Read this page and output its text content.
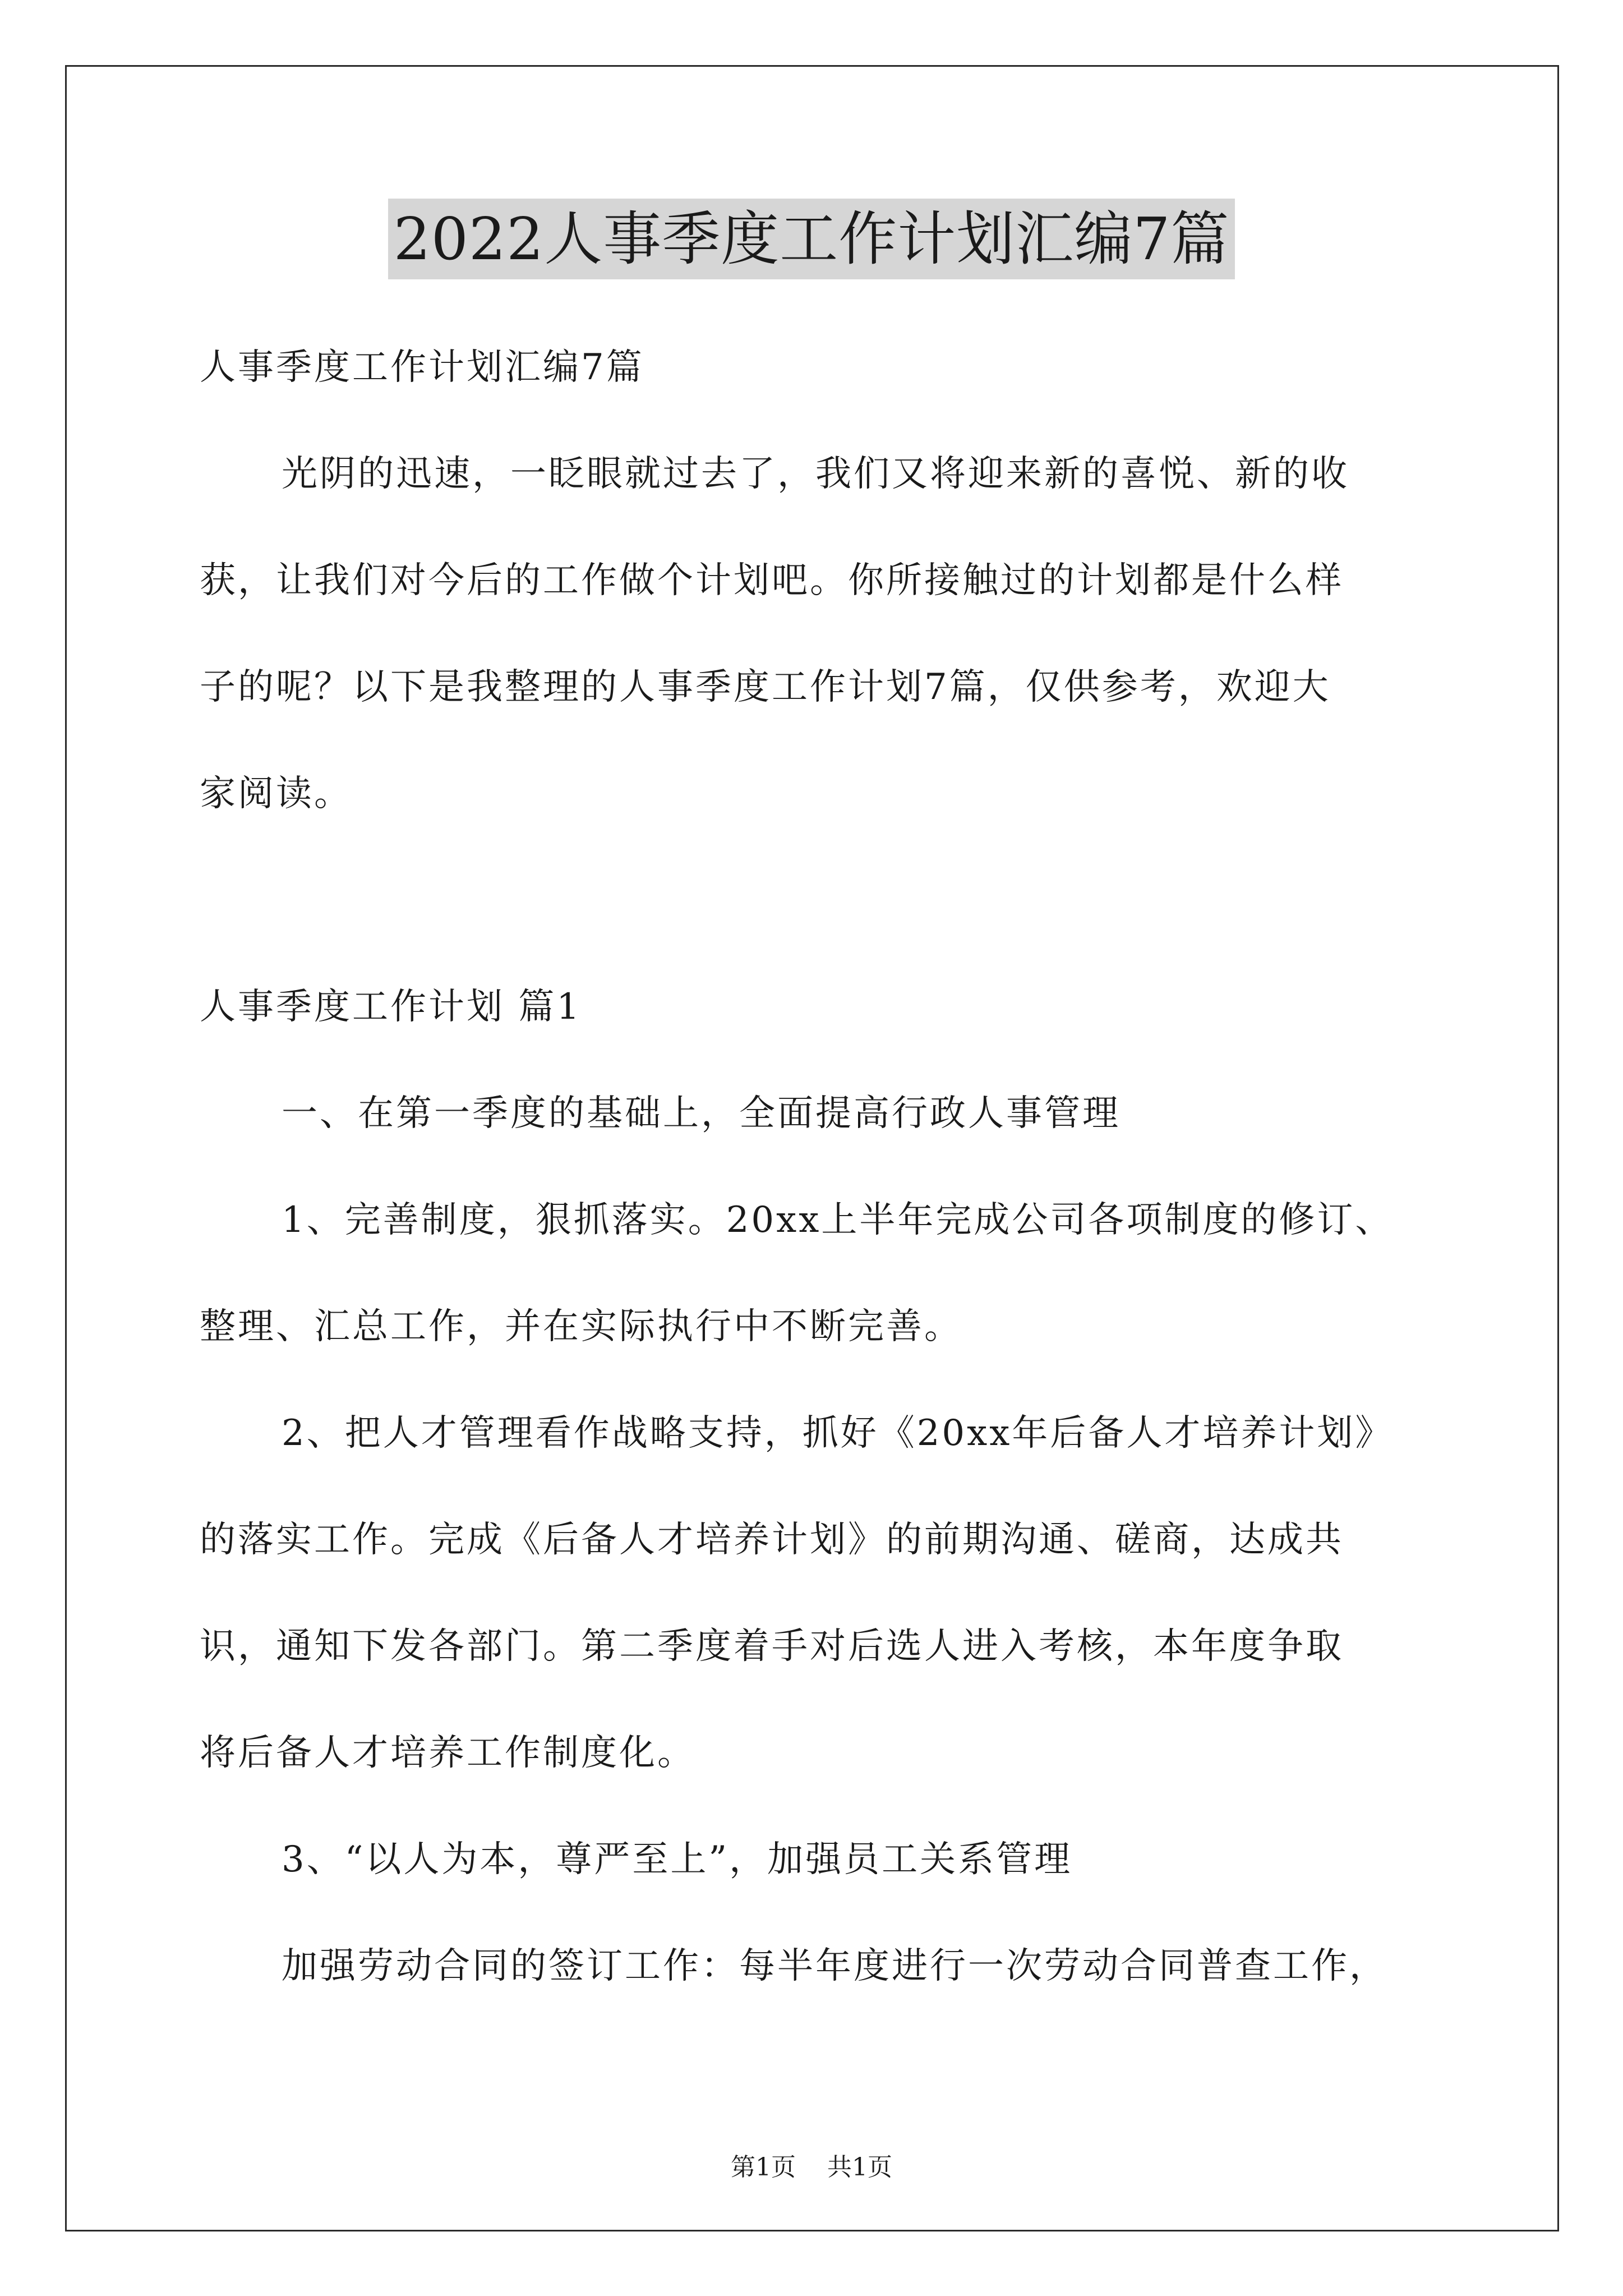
2022人事季度工作计划汇编7篇

人事季度工作计划汇编7篇

光阴的迅速，一眨眼就过去了，我们又将迎来新的喜悦、新的收

获，让我们对今后的工作做个计划吧。你所接触过的计划都是什么样

子的呢？以下是我整理的人事季度工作计划7篇，仅供参考，欢迎大

家阅读。

人事季度工作计划 篇1

一、在第一季度的基础上，全面提高行政人事管理

1、完善制度，狠抓落实。20xx上半年完成公司各项制度的修订、

整理、汇总工作，并在实际执行中不断完善。

2、把人才管理看作战略支持，抓好《20xx年后备人才培养计划》

的落实工作。完成《后备人才培养计划》的前期沟通、磋商，达成共

识，通知下发各部门。第二季度着手对后选人进入考核，本年度争取

将后备人才培养工作制度化。

3、“以人为本，尊严至上”，加强员工关系管理

加强劳动合同的签订工作：每半年度进行一次劳动合同普查工作，

第1页 共1页
